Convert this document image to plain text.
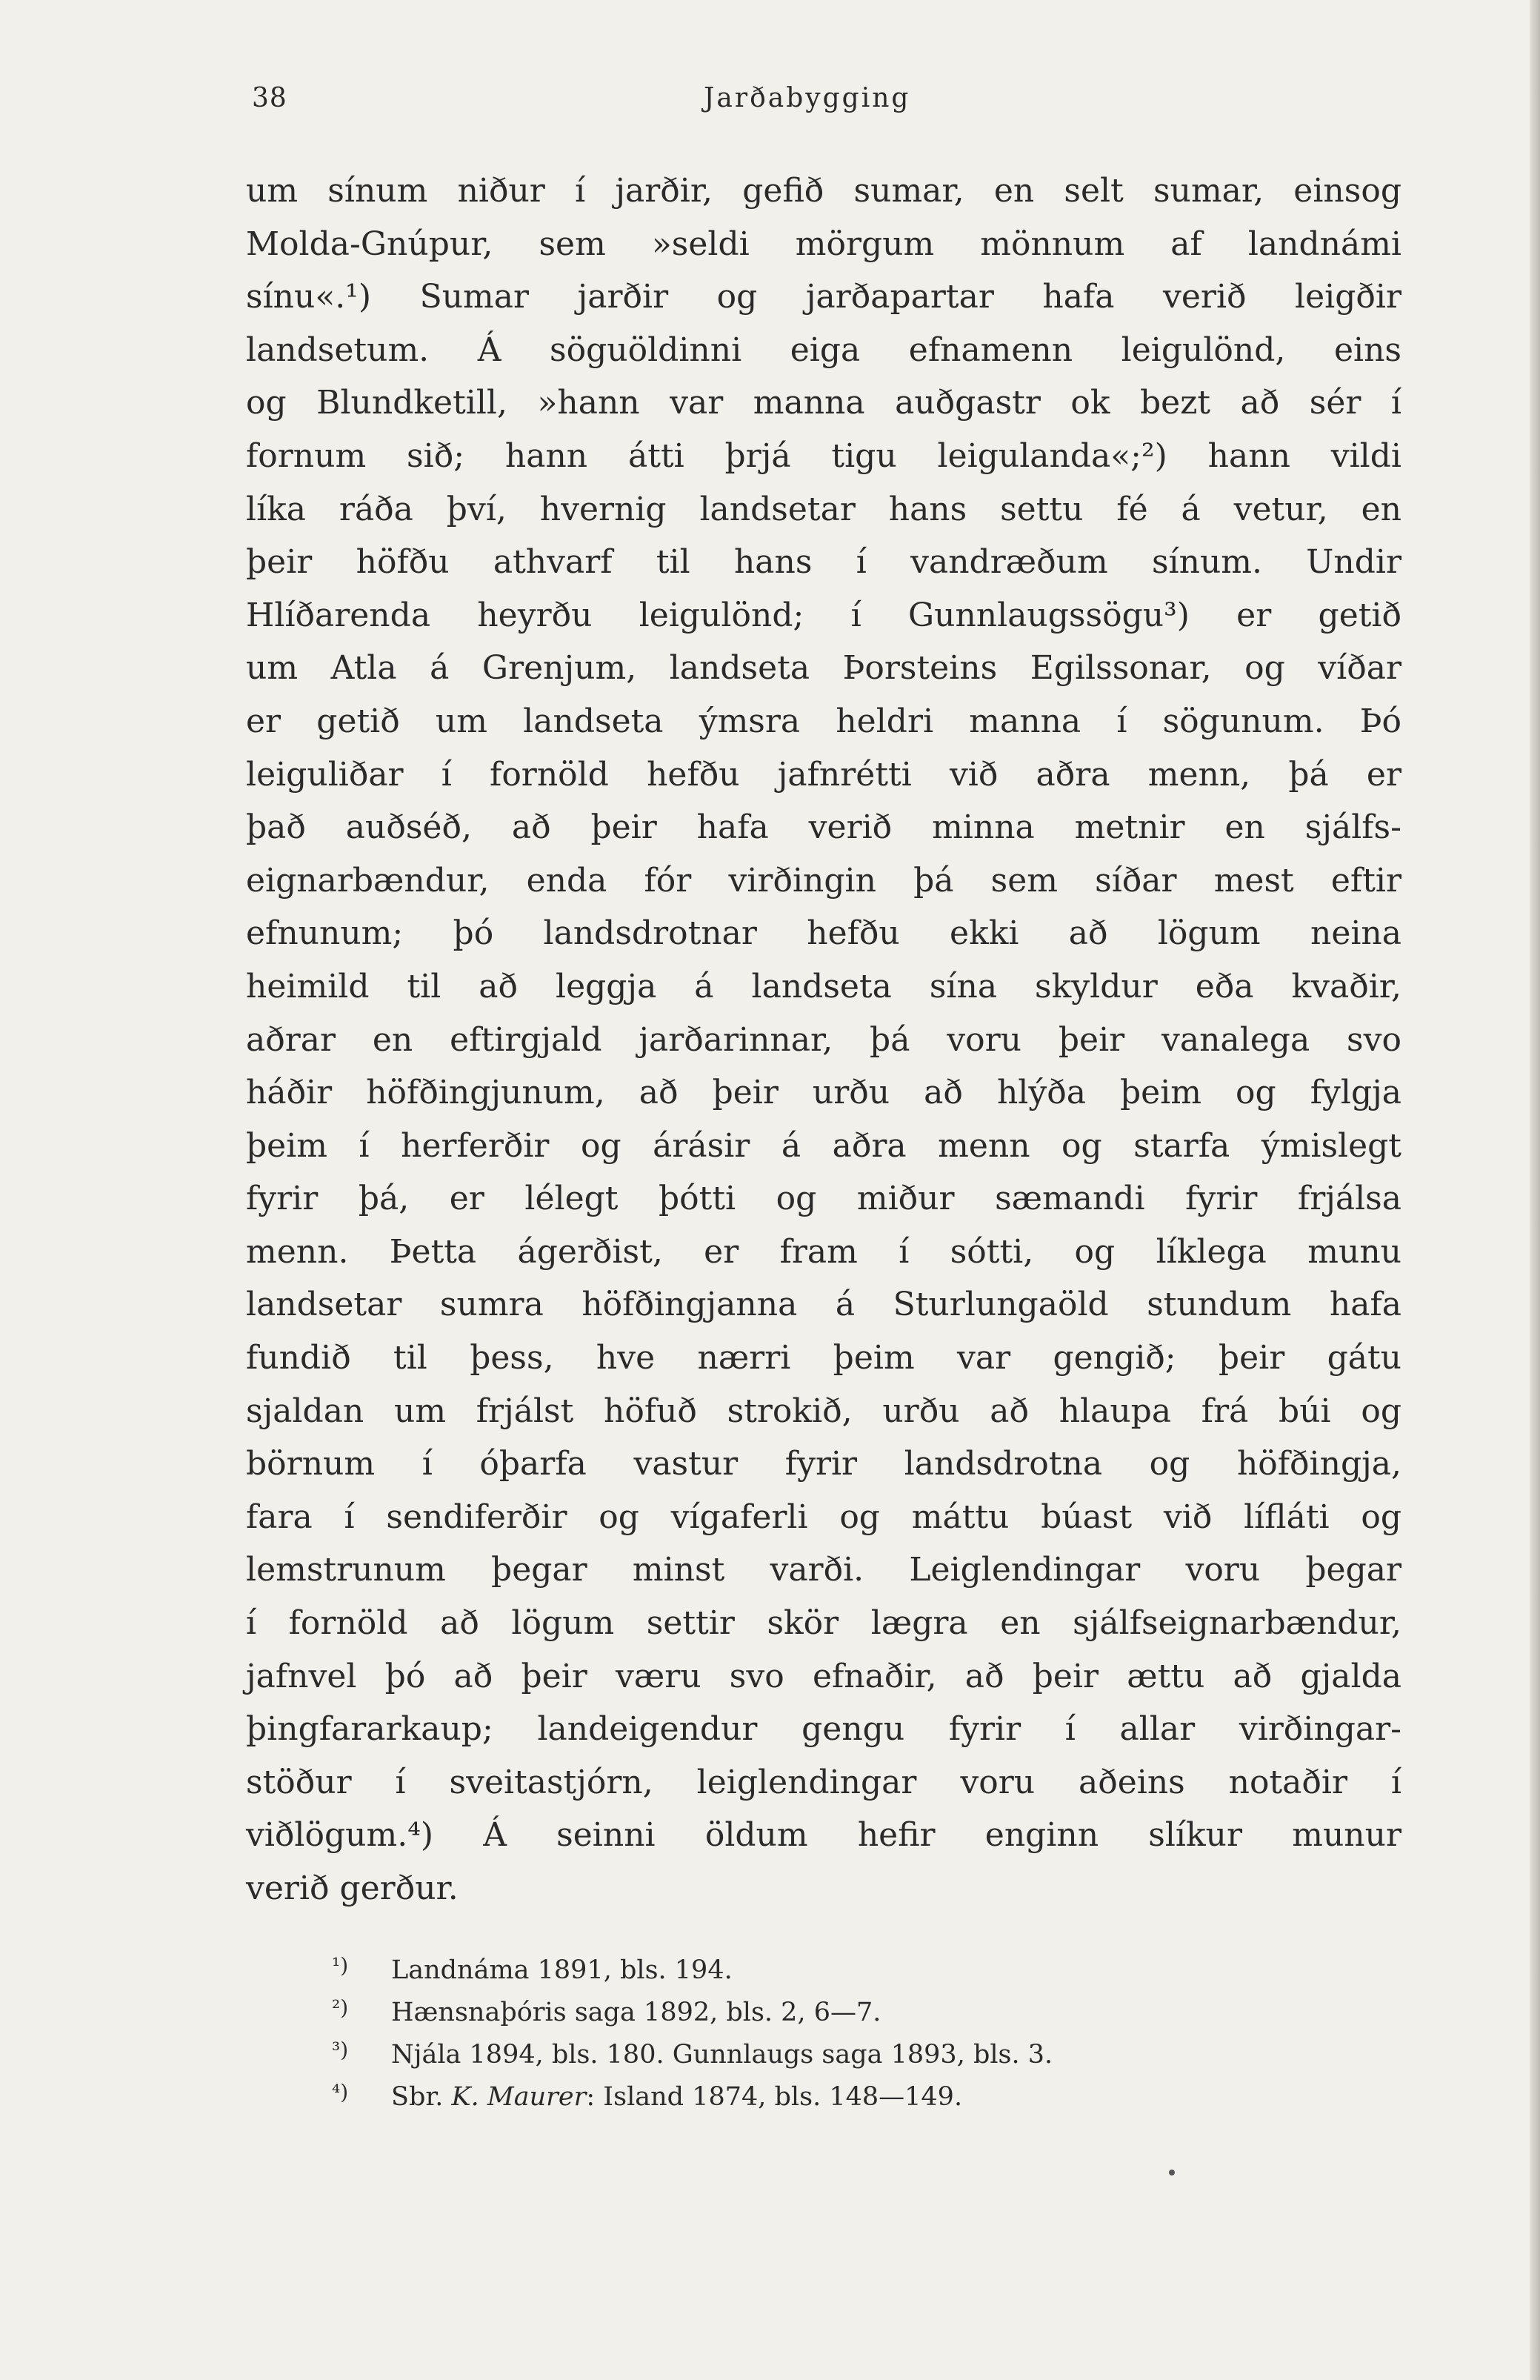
38	Jarðabygging
um sínum niður í jarðir, gefið sumar, en selt sumar, einsog
Molda-Gnúpur, sem »seldi mörgum mönnum af landnámi
sínu«.¹) Sumar jarðir og jarðapartar hafa verið leigðir
landsetum. Á söguöldinni eiga efnamenn leigulönd, eins
og Blundketill, »hann var manna auðgastr ok bezt að sér í
fornum sið; hann átti þrjá tigu leigulanda«;²) hann vildi
líka ráða því, hvernig landsetar hans settu fé á vetur, en
þeir höfðu athvarf til hans í vandræðum sínum. Undir
Hlíðarenda heyrðu leigulönd; í Gunnlaugssögu³) er getið
um Atla á Grenjum, landseta Þorsteins Egilssonar, og víðar
er getið um landseta ýmsra heldri manna í sögunum. Þó
leiguliðar í fornöld hefðu jafnrétti við aðra menn, þá er
það auðséð, að þeir hafa verið minna metnir en sjálfs-
eignarbændur, enda fór virðingin þá sem síðar mest eftir
efnunum; þó landsdrotnar hefðu ekki að lögum neina
heimild til að leggja á landseta sína skyldur eða kvaðir,
aðrar en eftirgjald jarðarinnar, þá voru þeir vanalega svo
háðir höfðingjunum, að þeir urðu að hlýða þeim og fylgja
þeim í herferðir og árásir á aðra menn og starfa ýmislegt
fyrir þá, er lélegt þótti og miður sæmandi fyrir frjálsa
menn. Þetta ágerðist, er fram í sótti, og líklega munu
landsetar sumra höfðingjanna á Sturlungaöld stundum hafa
fundið til þess, hve nærri þeim var gengið; þeir gátu
sjaldan um frjálst höfuð strokið, urðu að hlaupa frá búi og
börnum í óþarfa vastur fyrir landsdrotna og höfðingja,
fara í sendiferðir og vígaferli og máttu búast við lífláti og
lemstrunum þegar minst varði. Leiglendingar voru þegar
í fornöld að lögum settir skör lægra en sjálfseignarbændur,
jafnvel þó að þeir væru svo efnaðir, að þeir ættu að gjalda
þingfararkaup; landeigendur gengu fyrir í allar virðingar-
stöður í sveitastjórn, leiglendingar voru aðeins notaðir í
viðlögum.⁴) Á seinni öldum hefir enginn slíkur munur
verið gerður.
¹) Landnáma 1891, bls. 194.
²) Hænsnaþóris saga 1892, bls. 2, 6—7.
³) Njála 1894, bls. 180. Gunnlaugs saga 1893, bls. 3.
⁴) Sbr. K. Maurer: Island 1874, bls. 148—149.
